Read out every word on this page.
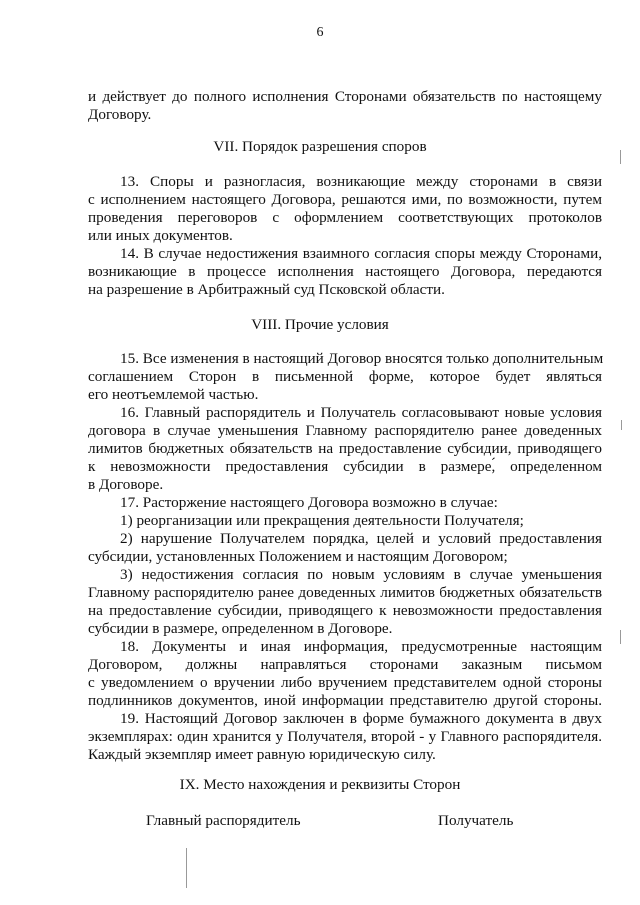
6
и действует до полного исполнения Сторонами обязательств по настоящему
Договору.
VII. Порядок разрешения споров
13. Споры и разногласия, возникающие между сторонами в связи
с исполнением настоящего Договора, решаются ими, по возможности, путем
проведения переговоров с оформлением соответствующих протоколов
или иных документов.
14. В случае недостижения взаимного согласия споры между Сторонами,
возникающие в процессе исполнения настоящего Договора, передаются
на разрешение в Арбитражный суд Псковской области.
VIII. Прочие условия
15. Все изменения в настоящий Договор вносятся только дополнительным
соглашением Сторон в письменной форме, которое будет являться
его неотъемлемой частью.
16. Главный распорядитель и Получатель согласовывают новые условия
договора в случае уменьшения Главному распорядителю ранее доведенных
лимитов бюджетных обязательств на предоставление субсидии, приводящего
к невозможности предоставления субсидии в размере,́ определенном
в Договоре.
17. Расторжение настоящего Договора возможно в случае:
1) реорганизации или прекращения деятельности Получателя;
2) нарушение Получателем порядка, целей и условий предоставления
субсидии, установленных Положением и настоящим Договором;
3) недостижения согласия по новым условиям в случае уменьшения
Главному распорядителю ранее доведенных лимитов бюджетных обязательств
на предоставление субсидии, приводящего к невозможности предоставления
субсидии в размере, определенном в Договоре.
18. Документы и иная информация, предусмотренные настоящим
Договором, должны направляться сторонами заказным письмом
с уведомлением о вручении либо вручением представителем одной стороны
подлинников документов, иной информации представителю другой стороны.
19. Настоящий Договор заключен в форме бумажного документа в двух
экземплярах: один хранится у Получателя, второй - у Главного распорядителя.
Каждый экземпляр имеет равную юридическую силу.
IX. Место нахождения и реквизиты Сторон
Главный распорядитель	Получатель
